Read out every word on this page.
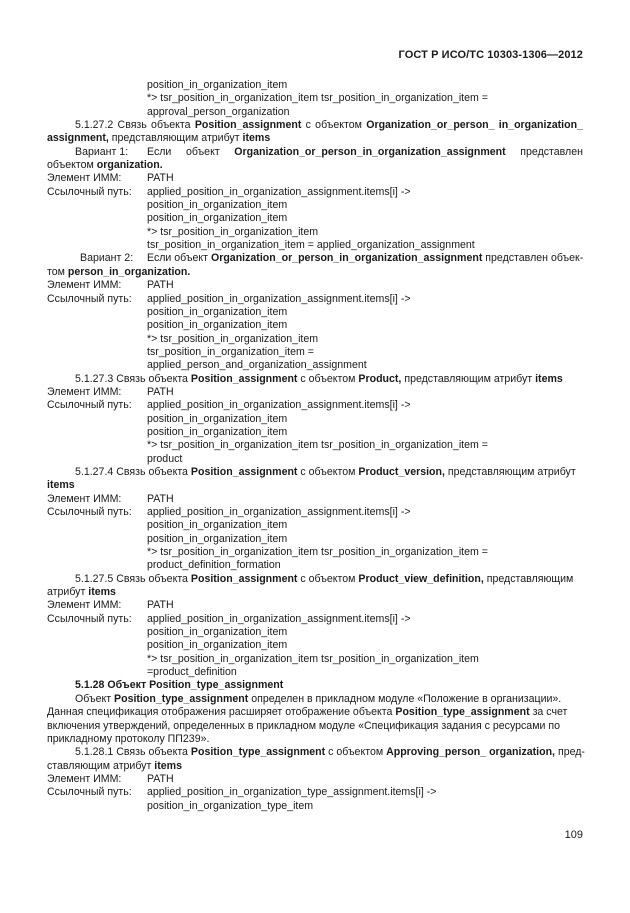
ГОСТ Р ИСО/ТС 10303-1306—2012
position_in_organization_item
*> tsr_position_in_organization_item tsr_position_in_organization_item =
approval_person_organization
5.1.27.2 Связь объекта Position_assignment с объектом Organization_or_person_ in_organization_
assignment, представляющим атрибут items
Вариант 1:	Если объект Organization_or_person_in_organization_assignment представлен
объектом organization.
Элемент ИММ:	PATH
Ссылочный путь:	applied_position_in_organization_assignment.items[i] ->
position_in_organization_item
position_in_organization_item
*> tsr_position_in_organization_item
tsr_position_in_organization_item = applied_organization_assignment
Вариант 2:	Если объект Organization_or_person_in_organization_assignment представлен объек-
том person_in_organization.
Элемент ИММ:	PATH
Ссылочный путь:	applied_position_in_organization_assignment.items[i] ->
position_in_organization_item
position_in_organization_item
*> tsr_position_in_organization_item
tsr_position_in_organization_item =
applied_person_and_organization_assignment
5.1.27.3 Связь объекта Position_assignment с объектом Product, представляющим атрибут items
Элемент ИММ:	PATH
Ссылочный путь:	applied_position_in_organization_assignment.items[i] ->
position_in_organization_item
position_in_organization_item
*> tsr_position_in_organization_item tsr_position_in_organization_item =
product
5.1.27.4 Связь объекта Position_assignment с объектом Product_version, представляющим атрибут
items
Элемент ИММ:	PATH
Ссылочный путь:	applied_position_in_organization_assignment.items[i] ->
position_in_organization_item
position_in_organization_item
*> tsr_position_in_organization_item tsr_position_in_organization_item =
product_definition_formation
5.1.27.5 Связь объекта Position_assignment с объектом Product_view_definition, представляющим
атрибут items
Элемент ИММ:	PATH
Ссылочный путь:	applied_position_in_organization_assignment.items[i] ->
position_in_organization_item
position_in_organization_item
*> tsr_position_in_organization_item tsr_position_in_organization_item
=product_definition
5.1.28 Объект Position_type_assignment
Объект Position_type_assignment определен в прикладном модуле «Положение в организации».
Данная спецификация отображения расширяет отображение объекта Position_type_assignment за счет
включения утверждений, определенных в прикладном модуле «Спецификация задания с ресурсами по
прикладному протоколу ПП239».
5.1.28.1 Связь объекта Position_type_assignment с объектом Approving_person_ organization, пред-
ставляющим атрибут items
Элемент ИММ:	PATH
Ссылочный путь:	applied_position_in_organization_type_assignment.items[i] ->
position_in_organization_type_item
109
